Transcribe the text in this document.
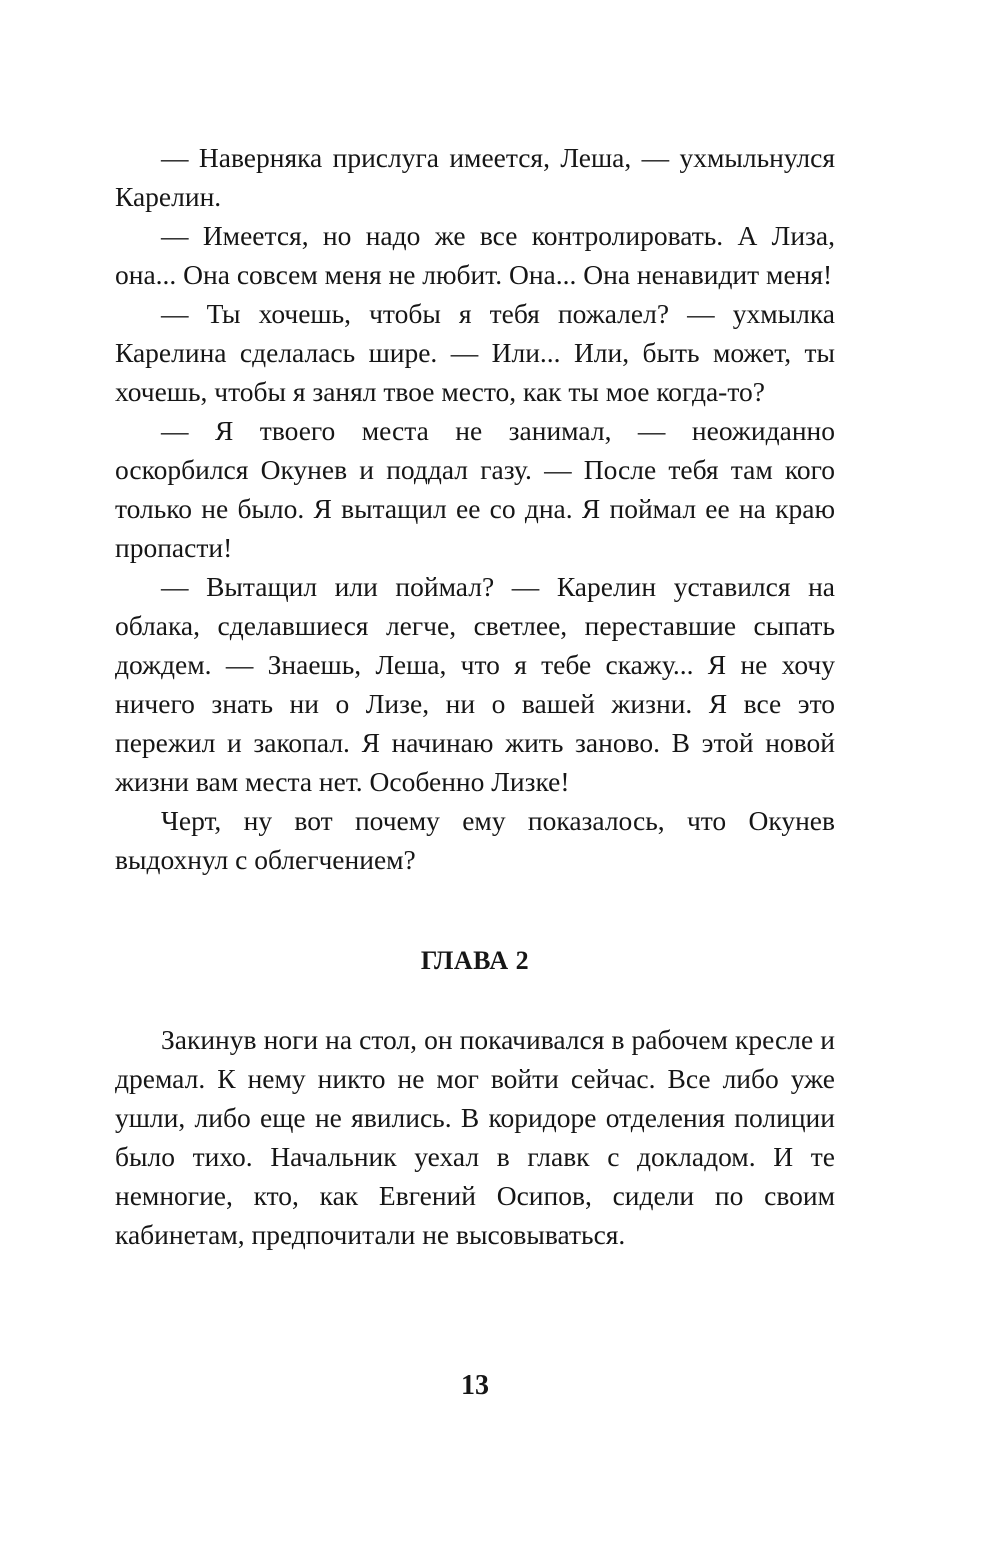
— Наверняка прислуга имеется, Леша, — ухмыльнулся Карелин.

— Имеется, но надо же все контролировать. А Лиза, она... Она совсем меня не любит. Она... Она ненавидит меня!

— Ты хочешь, чтобы я тебя пожалел? — ухмылка Карелина сделалась шире. — Или... Или, быть может, ты хочешь, чтобы я занял твое место, как ты мое когда-то?

— Я твоего места не занимал, — неожиданно оскорбился Окунев и поддал газу. — После тебя там кого только не было. Я вытащил ее со дна. Я поймал ее на краю пропасти!

— Вытащил или поймал? — Карелин уставился на облака, сделавшиеся легче, светлее, переставшие сыпать дождем. — Знаешь, Леша, что я тебе скажу... Я не хочу ничего знать ни о Лизе, ни о вашей жизни. Я все это пережил и закопал. Я начинаю жить заново. В этой новой жизни вам места нет. Особенно Лизке!

Черт, ну вот почему ему показалось, что Окунев выдохнул с облегчением?

ГЛАВА 2

Закинув ноги на стол, он покачивался в рабочем кресле и дремал. К нему никто не мог войти сейчас. Все либо уже ушли, либо еще не явились. В коридоре отделения полиции было тихо. Начальник уехал в главк с докладом. И те немногие, кто, как Евгений Осипов, сидели по своим кабинетам, предпочитали не высовываться.

13
